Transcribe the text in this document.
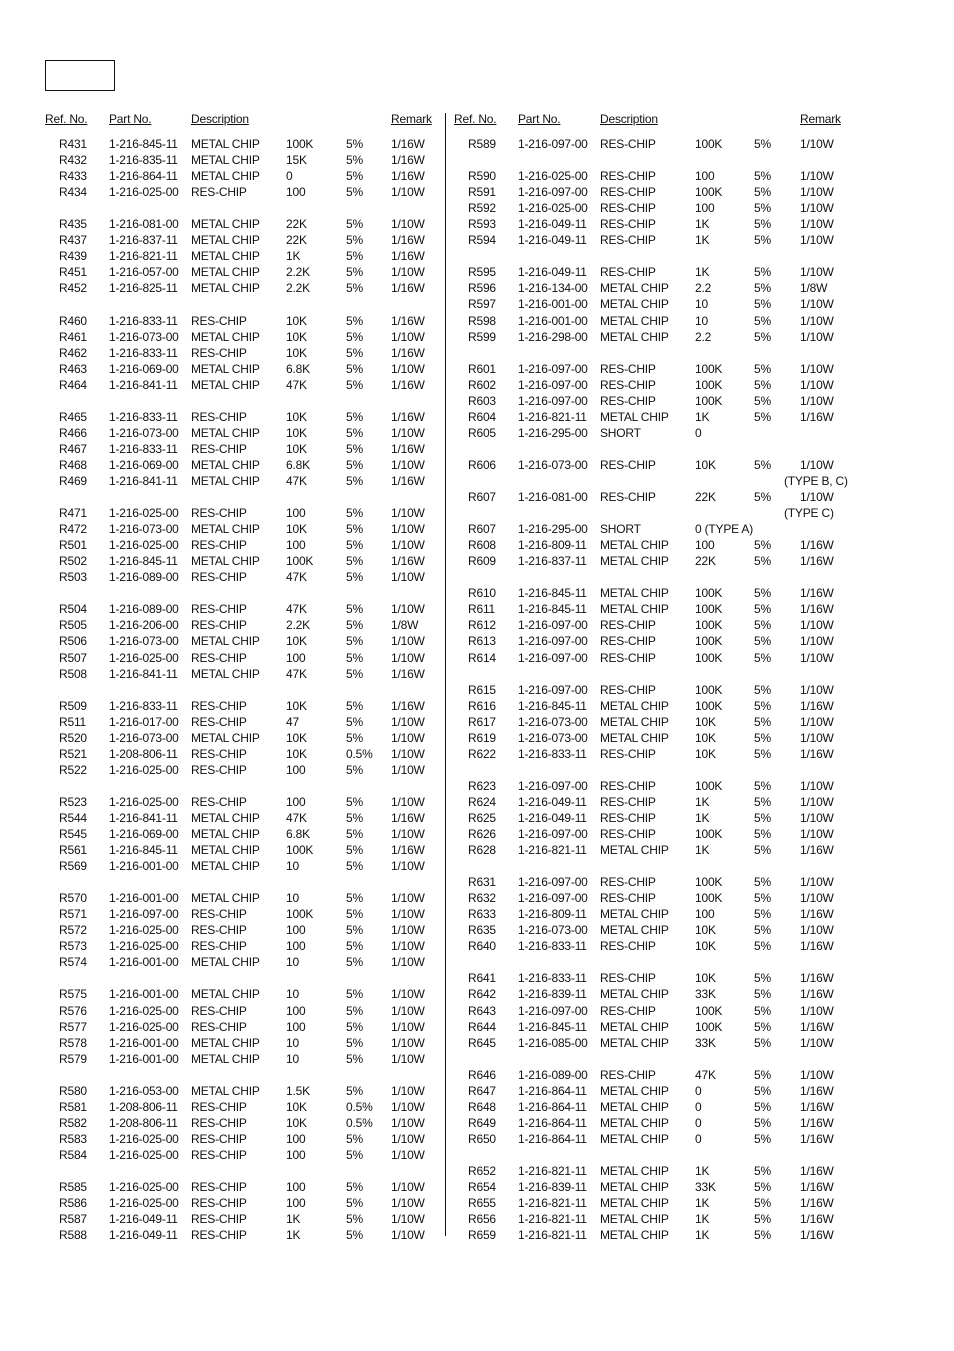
Ref. No. Part No.	Description	Remark
R431 1-216-845-11 METAL CHIP 100K	5% 1/16W
R432 1-216-835-11 METAL CHIP 15K	5% 1/16W
R433 1-216-864-11 METAL CHIP 0	5% 1/16W
R434 1-216-025-00 RES-CHIP	100	5% 1/10W
R435 1-216-081-00 METAL CHIP 22K	5% 1/10W
R437 1-216-837-11 METAL CHIP 22K	5% 1/16W
R439 1-216-821-11 METAL CHIP 1K	5% 1/16W
R451 1-216-057-00 METAL CHIP 2.2K	5% 1/10W
R452 1-216-825-11 METAL CHIP 2.2K	5% 1/16W
R460 1-216-833-11 RES-CHIP	10K	5% 1/16W
R461 1-216-073-00 METAL CHIP 10K	5% 1/10W
R462 1-216-833-11 RES-CHIP	10K	5% 1/16W
R463 1-216-069-00 METAL CHIP 6.8K	5% 1/10W
R464 1-216-841-11 METAL CHIP 47K	5% 1/16W
R465 1-216-833-11 RES-CHIP	10K	5% 1/16W
R466 1-216-073-00 METAL CHIP 10K	5% 1/10W
R467 1-216-833-11 RES-CHIP	10K	5% 1/16W
R468 1-216-069-00 METAL CHIP 6.8K	5% 1/10W
R469 1-216-841-11 METAL CHIP 47K	5% 1/16W
R471 1-216-025-00 RES-CHIP	100	5% 1/10W
R472 1-216-073-00 METAL CHIP 10K	5% 1/10W
R501 1-216-025-00 RES-CHIP	100	5% 1/10W
R502 1-216-845-11 METAL CHIP 100K	5% 1/16W
R503 1-216-089-00 RES-CHIP	47K	5% 1/10W
R504 1-216-089-00 RES-CHIP	47K	5% 1/10W
R505 1-216-206-00 RES-CHIP	2.2K	5% 1/8W
R506 1-216-073-00 METAL CHIP 10K	5% 1/10W
R507 1-216-025-00 RES-CHIP	100	5% 1/10W
R508 1-216-841-11 METAL CHIP 47K	5% 1/16W
R509 1-216-833-11 RES-CHIP	10K	5% 1/16W
R511 1-216-017-00 RES-CHIP	47	5% 1/10W
R520 1-216-073-00 METAL CHIP 10K	5% 1/10W
R521 1-208-806-11 RES-CHIP	10K	0.5% 1/10W
R522 1-216-025-00 RES-CHIP	100	5% 1/10W
R523 1-216-025-00 RES-CHIP	100	5% 1/10W
R544 1-216-841-11 METAL CHIP 47K	5% 1/16W
R545 1-216-069-00 METAL CHIP 6.8K	5% 1/10W
R561 1-216-845-11 METAL CHIP 100K	5% 1/16W
R569 1-216-001-00 METAL CHIP 10	5% 1/10W
R570 1-216-001-00 METAL CHIP 10	5% 1/10W
R571 1-216-097-00 RES-CHIP	100K	5% 1/10W
R572 1-216-025-00 RES-CHIP	100	5% 1/10W
R573 1-216-025-00 RES-CHIP	100	5% 1/10W
R574 1-216-001-00 METAL CHIP 10	5% 1/10W
R575 1-216-001-00 METAL CHIP 10	5% 1/10W
R576 1-216-025-00 RES-CHIP	100	5% 1/10W
R577 1-216-025-00 RES-CHIP	100	5% 1/10W
R578 1-216-001-00 METAL CHIP 10	5% 1/10W
R579 1-216-001-00 METAL CHIP 10	5% 1/10W
R580 1-216-053-00 METAL CHIP 1.5K	5% 1/10W
R581 1-208-806-11 RES-CHIP	10K	0.5% 1/10W
R582 1-208-806-11 RES-CHIP	10K	0.5% 1/10W
R583 1-216-025-00 RES-CHIP	100	5% 1/10W
R584 1-216-025-00 RES-CHIP	100	5% 1/10W
R585 1-216-025-00 RES-CHIP	100	5% 1/10W
R586 1-216-025-00 RES-CHIP	100	5% 1/10W
R587 1-216-049-11 RES-CHIP	1K	5% 1/10W
R588 1-216-049-11 RES-CHIP	1K	5% 1/10W
Ref. No. Part No.	Description	Remark
R589 1-216-097-00 RES-CHIP	100K	5% 1/10W
R590 1-216-025-00 RES-CHIP	100	5% 1/10W
R591 1-216-097-00 RES-CHIP	100K	5% 1/10W
R592 1-216-025-00 RES-CHIP	100	5% 1/10W
R593 1-216-049-11 RES-CHIP	1K	5% 1/10W
R594 1-216-049-11 RES-CHIP	1K	5% 1/10W
R595 1-216-049-11 RES-CHIP	1K	5% 1/10W
R596 1-216-134-00 METAL CHIP 2.2	5% 1/8W
R597 1-216-001-00 METAL CHIP 10	5% 1/10W
R598 1-216-001-00 METAL CHIP 10	5% 1/10W
R599 1-216-298-00 METAL CHIP 2.2	5% 1/10W
R601 1-216-097-00 RES-CHIP	100K	5% 1/10W
R602 1-216-097-00 RES-CHIP	100K	5% 1/10W
R603 1-216-097-00 RES-CHIP	100K	5% 1/10W
R604 1-216-821-11 METAL CHIP 1K	5% 1/16W
R605 1-216-295-00 SHORT	0
R606 1-216-073-00 RES-CHIP	10K	5% 1/10W
(TYPE B, C)
R607 1-216-081-00 RES-CHIP	22K	5% 1/10W
(TYPE C)
R607 1-216-295-00 SHORT	0 (TYPE A)
R608 1-216-809-11 METAL CHIP 100	5% 1/16W
R609 1-216-837-11 METAL CHIP 22K	5% 1/16W
R610 1-216-845-11 METAL CHIP 100K	5% 1/16W
R611 1-216-845-11 METAL CHIP 100K	5% 1/16W
R612 1-216-097-00 RES-CHIP	100K	5% 1/10W
R613 1-216-097-00 RES-CHIP	100K	5% 1/10W
R614 1-216-097-00 RES-CHIP	100K	5% 1/10W
R615 1-216-097-00 RES-CHIP	100K	5% 1/10W
R616 1-216-845-11 METAL CHIP 100K	5% 1/16W
R617 1-216-073-00 METAL CHIP 10K	5% 1/10W
R619 1-216-073-00 METAL CHIP 10K	5% 1/10W
R622 1-216-833-11 RES-CHIP	10K	5% 1/16W
R623 1-216-097-00 RES-CHIP	100K	5% 1/10W
R624 1-216-049-11 RES-CHIP	1K	5% 1/10W
R625 1-216-049-11 RES-CHIP	1K	5% 1/10W
R626 1-216-097-00 RES-CHIP	100K	5% 1/10W
R628 1-216-821-11 METAL CHIP 1K	5% 1/16W
R631 1-216-097-00 RES-CHIP	100K	5% 1/10W
R632 1-216-097-00 RES-CHIP	100K	5% 1/10W
R633 1-216-809-11 METAL CHIP 100	5% 1/16W
R635 1-216-073-00 METAL CHIP 10K	5% 1/10W
R640 1-216-833-11 RES-CHIP	10K	5% 1/16W
R641 1-216-833-11 RES-CHIP	10K	5% 1/16W
R642 1-216-839-11 METAL CHIP 33K	5% 1/16W
R643 1-216-097-00 RES-CHIP	100K	5% 1/10W
R644 1-216-845-11 METAL CHIP 100K	5% 1/16W
R645 1-216-085-00 METAL CHIP 33K	5% 1/10W
R646 1-216-089-00 RES-CHIP	47K	5% 1/10W
R647 1-216-864-11 METAL CHIP 0	5% 1/16W
R648 1-216-864-11 METAL CHIP 0	5% 1/16W
R649 1-216-864-11 METAL CHIP 0	5% 1/16W
R650 1-216-864-11 METAL CHIP 0	5% 1/16W
R652 1-216-821-11 METAL CHIP 1K	5% 1/16W
R654 1-216-839-11 METAL CHIP 33K	5% 1/16W
R655 1-216-821-11 METAL CHIP 1K	5% 1/16W
R656 1-216-821-11 METAL CHIP 1K	5% 1/16W
R659 1-216-821-11 METAL CHIP 1K	5% 1/16W
